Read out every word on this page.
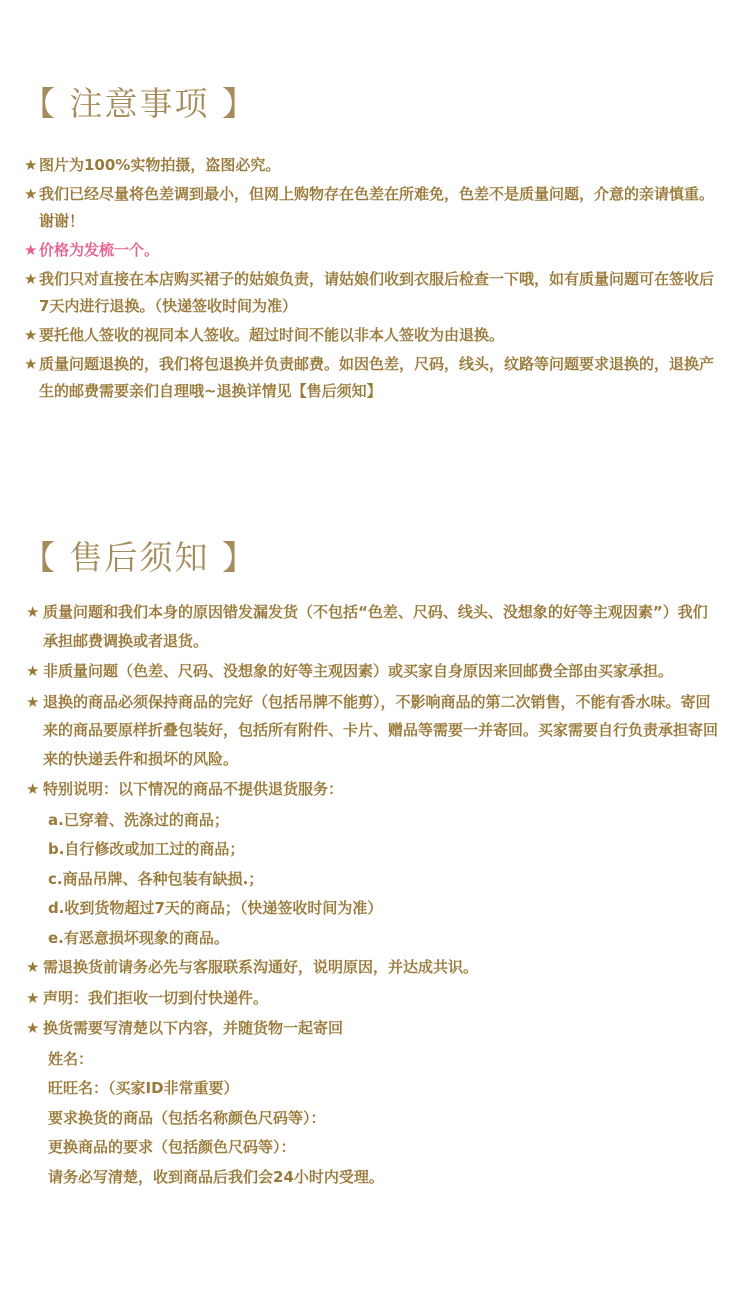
【 注意事项 】
★ 图片为100%实物拍摄，盗图必究。
★ 我们已经尽量将色差调到最小，但网上购物存在色差在所难免，色差不是质量问题，介意的亲请慎重。谢谢！
★ 价格为发梳一个。
★ 我们只对直接在本店购买裙子的姑娘负责，请姑娘们收到衣服后检查一下哦，如有质量问题可在签收后7天内进行退换。（快递签收时间为准）
★ 要托他人签收的视同本人签收。超过时间不能以非本人签收为由退换。
★ 质量问题退换的，我们将包退换并负责邮费。如因色差，尺码，线头，纹路等问题要求退换的，退换产生的邮费需要亲们自理哦~退换详情见【售后须知】
【 售后须知 】
★ 质量问题和我们本身的原因错发漏发货（不包括“色差、尺码、线头、没想象的好等主观因素”）我们承担邮费调换或者退货。
★ 非质量问题（色差、尺码、没想象的好等主观因素）或买家自身原因来回邮费全部由买家承担。
★ 退换的商品必须保持商品的完好（包括吊牌不能剪），不影响商品的第二次销售，不能有香水味。寄回来的商品要原样折叠包装好，包括所有附件、卡片、赠品等需要一并寄回。买家需要自行负责承担寄回来的快递丢件和损坏的风险。
★ 特别说明：以下情况的商品不提供退货服务：
a.已穿着、洗涤过的商品；
b.自行修改或加工过的商品；
c.商品吊牌、各种包装有缺损.；
d.收到货物超过7天的商品；（快递签收时间为准）
e.有恶意损坏现象的商品。
★ 需退换货前请务必先与客服联系沟通好，说明原因，并达成共识。
★ 声明：我们拒收一切到付快递件。
★ 换货需要写清楚以下内容，并随货物一起寄回
姓名：
旺旺名：（买家ID非常重要）
要求换货的商品（包括名称颜色尺码等）：
更换商品的要求（包括颜色尺码等）：
请务必写清楚，收到商品后我们会24小时内受理。
